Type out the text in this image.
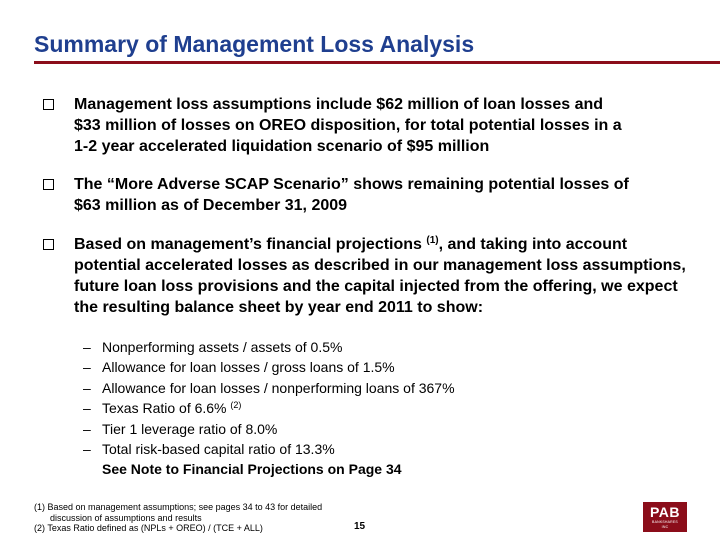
Summary of Management Loss Analysis
Management loss assumptions include $62 million of loan losses and
$33 million of losses on OREO disposition, for total potential losses in a
1-2 year accelerated liquidation scenario of $95 million
The “More Adverse SCAP Scenario” shows remaining potential losses of
$63 million as of December 31, 2009
Based on management’s financial projections $^{(1)}$, and taking into account
potential accelerated losses as described in our management loss assumptions,
future loan loss provisions and the capital injected from the offering, we expect
the resulting balance sheet by year end 2011 to show:
– Nonperforming assets / assets of 0.5%
– Allowance for loan losses / gross loans of 1.5%
– Allowance for loan losses / nonperforming loans of 367%
– Texas Ratio of 6.6% $^{(2)}$
– Tier 1 leverage ratio of 8.0%
– Total risk-based capital ratio of 13.3%
See Note to Financial Projections on Page 34
(1) Based on management assumptions; see pages 34 to 43 for detailed
discussion of assumptions and results
(2) Texas Ratio defined as (NPLs + OREO) / (TCE + ALL)	15
PAB
BANKSHARES
INC
